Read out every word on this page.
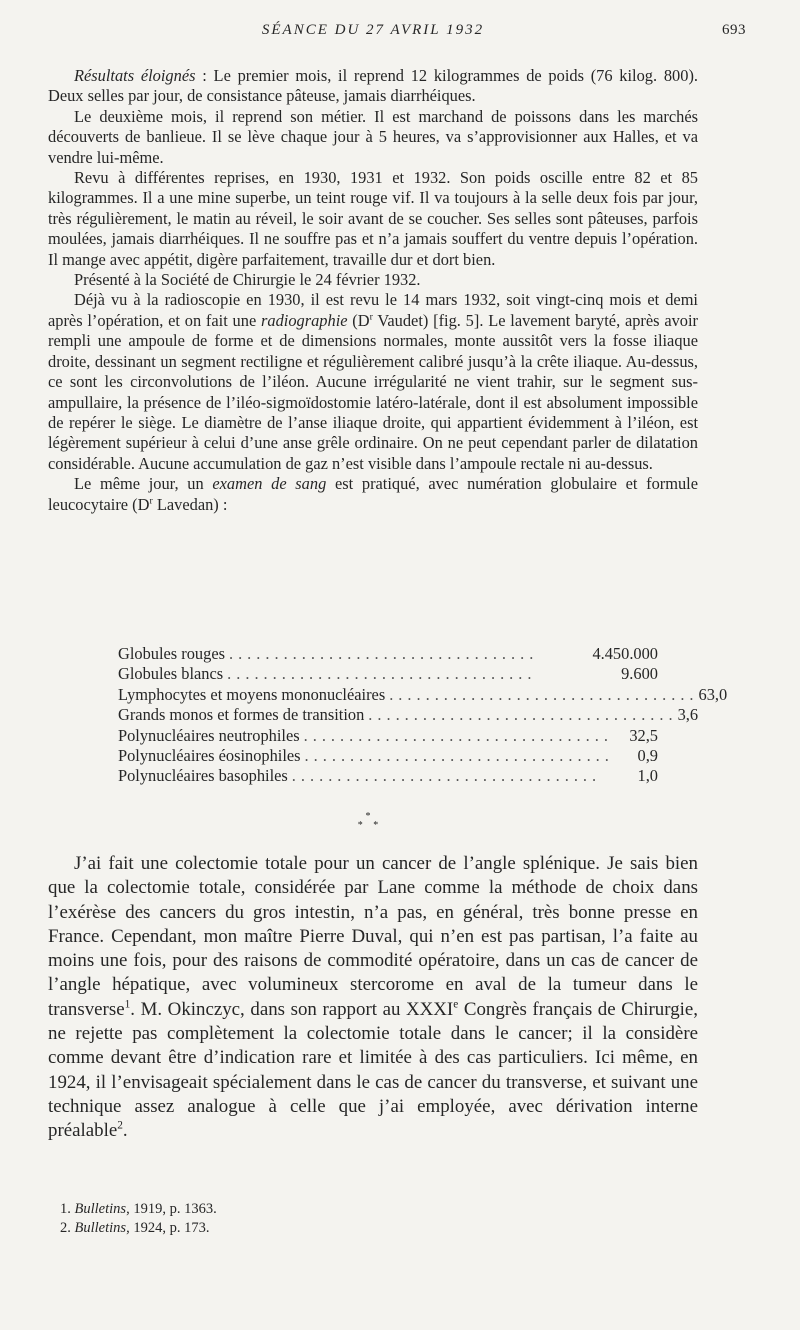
SÉANCE DU 27 AVRIL 1932	693

Résultats éloignés : Le premier mois, il reprend 12 kilogrammes de poids (76 kilog. 800). Deux selles par jour, de consistance pâteuse, jamais diarrhéiques.

Le deuxième mois, il reprend son métier. Il est marchand de poissons dans les marchés découverts de banlieue. Il se lève chaque jour à 5 heures, va s’approvisionner aux Halles, et va vendre lui-même.

Revu à différentes reprises, en 1930, 1931 et 1932. Son poids oscille entre 82 et 85 kilogrammes. Il a une mine superbe, un teint rouge vif. Il va toujours à la selle deux fois par jour, très régulièrement, le matin au réveil, le soir avant de se coucher. Ses selles sont pâteuses, parfois moulées, jamais diarrhéiques. Il ne souffre pas et n’a jamais souffert du ventre depuis l’opération. Il mange avec appétit, digère parfaitement, travaille dur et dort bien.

Présenté à la Société de Chirurgie le 24 février 1932.

Déjà vu à la radioscopie en 1930, il est revu le 14 mars 1932, soit vingt-cinq mois et demi après l’opération, et on fait une radiographie ($D^r$ Vaudet) [fig. 5]. Le lavement baryté, après avoir rempli une ampoule de forme et de dimensions normales, monte aussitôt vers la fosse iliaque droite, dessinant un segment rectiligne et régulièrement calibré jusqu’à la crête iliaque. Au-dessus, ce sont les circonvolutions de l’iléon. Aucune irrégularité ne vient trahir, sur le segment sus-ampullaire, la présence de l’iléo-sigmoïdostomie latéro-latérale, dont il est absolument impossible de repérer le siège. Le diamètre de l’anse iliaque droite, qui appartient évidemment à l’iléon, est légèrement supérieur à celui d’une anse grêle ordinaire. On ne peut cependant parler de dilatation considérable. Aucune accumulation de gaz n’est visible dans l’ampoule rectale ni au-dessus.

Le même jour, un examen de sang est pratiqué, avec numération globulaire et formule leucocytaire ($D^r$ Lavedan) :

Globules rouges ..................................	4.450.000
Globules blancs ..................................	9.600
Lymphocytes et moyens mononucléaires .................................. 63,0
Grands monos et formes de transition .................................. 3,6
Polynucléaires neutrophiles .................................. 32,5
Polynucléaires éosinophiles ..................................	0,9
Polynucléaires basophiles ..................................	1,0
*
* *

J’ai fait une colectomie totale pour un cancer de l’angle splénique. Je sais bien que la colectomie totale, considérée par Lane comme la méthode de choix dans l’exérèse des cancers du gros intestin, n’a pas, en général, très bonne presse en France. Cependant, mon maître Pierre Duval, qui n’en est pas partisan, l’a faite au moins une fois, pour des raisons de commodité opératoire, dans un cas de cancer de l’angle hépatique, avec volumineux stercorome en aval de la tumeur dans le transverse$^1$. M. Okinczyc, dans son rapport au XXXIe Congrès français de Chirurgie, ne rejette pas complètement la colectomie totale dans le cancer; il la considère comme devant être d’indication rare et limitée à des cas particuliers. Ici même, en 1924, il l’envisageait spécialement dans le cas de cancer du transverse, et suivant une technique assez analogue à celle que j’ai employée, avec dérivation interne préalable$^2$.

1. Bulletins, 1919, p. 1363.
2. Bulletins, 1924, p. 173.
